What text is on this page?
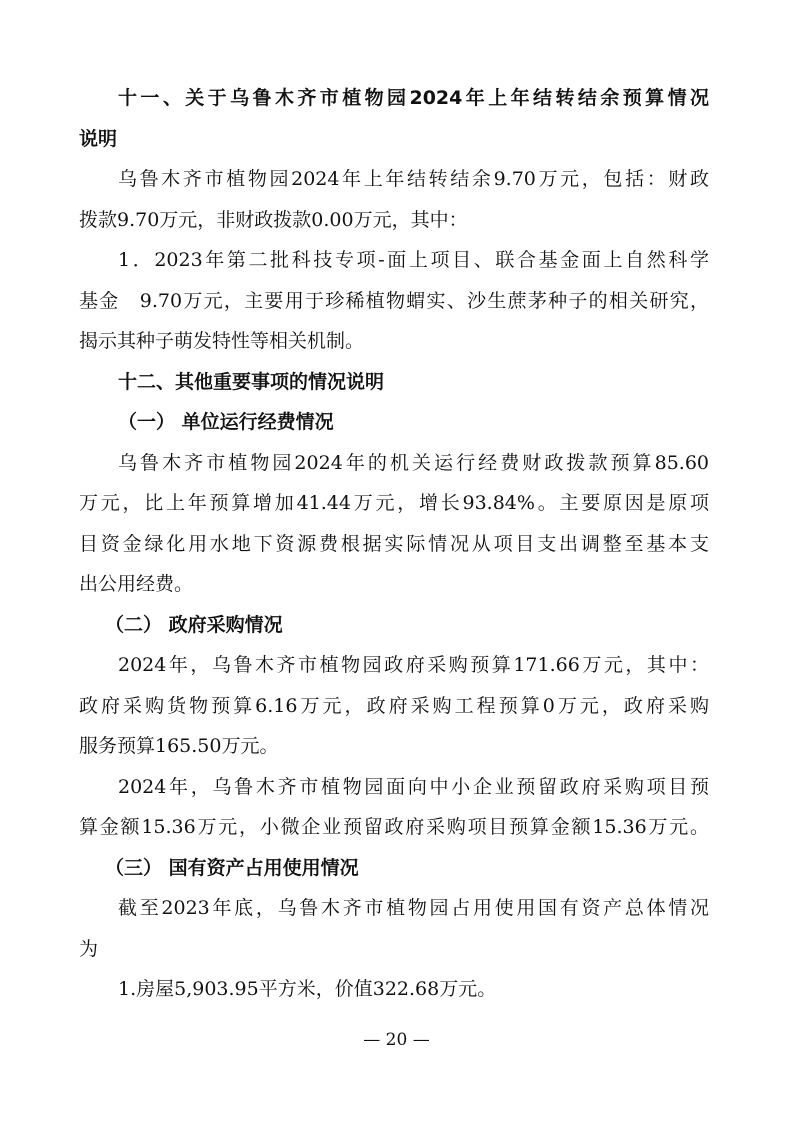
十一、关于乌鲁木齐市植物园2024年上年结转结余预算情况
说明
乌鲁木齐市植物园2024年上年结转结余9.70万元，包括：财政
拨款9.70万元，非财政拨款0.00万元，其中：
1．2023年第二批科技专项-面上项目、联合基金面上自然科学
基金　9.70万元，主要用于珍稀植物蝟实、沙生蔗茅种子的相关研究，
揭示其种子萌发特性等相关机制。
十二、其他重要事项的情况说明
（一） 单位运行经费情况
乌鲁木齐市植物园2024年的机关运行经费财政拨款预算85.60
万元，比上年预算增加41.44万元，增长93.84%。主要原因是原项
目资金绿化用水地下资源费根据实际情况从项目支出调整至基本支
出公用经费。
（二） 政府采购情况
2024年，乌鲁木齐市植物园政府采购预算171.66万元，其中：
政府采购货物预算6.16万元，政府采购工程预算0万元，政府采购
服务预算165.50万元。
2024年，乌鲁木齐市植物园面向中小企业预留政府采购项目预
算金额15.36万元，小微企业预留政府采购项目预算金额15.36万元。
（三） 国有资产占用使用情况
截至2023年底，乌鲁木齐市植物园占用使用国有资产总体情况
为
1.房屋5,903.95平方米，价值322.68万元。
— 20 —
